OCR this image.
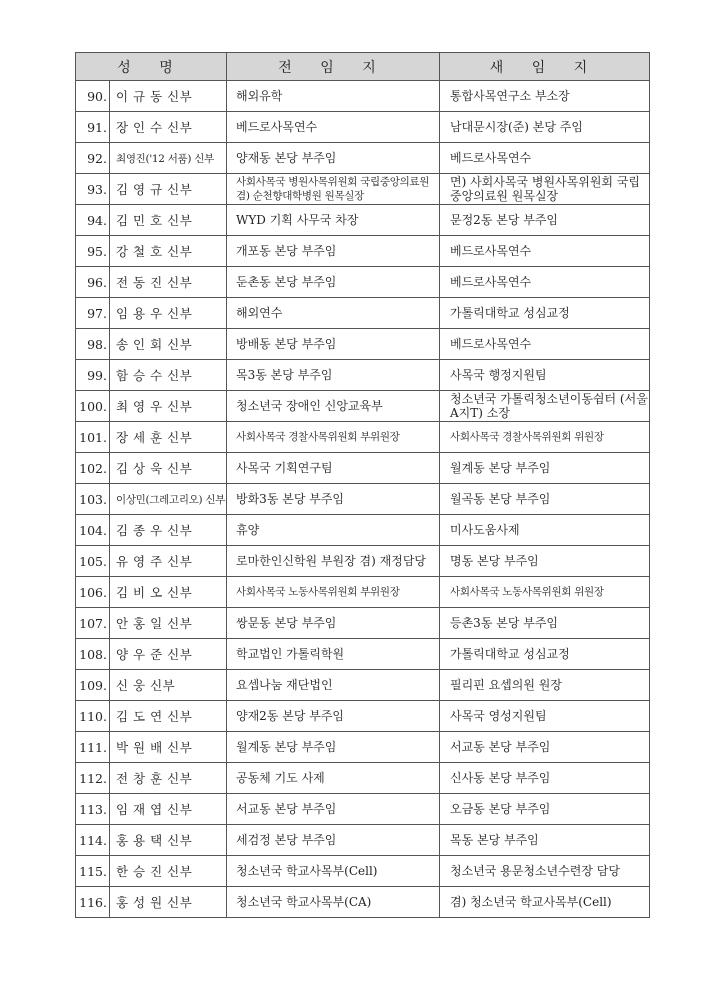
성 명		전 임 지	새 임 지
90.	이 규 동 신부	해외유학	통합사목연구소 부소장
91.	장 인 수 신부	베드로사목연수	남대문시장(준) 본당 주임
92.	최영진('12 서품) 신부	양재동 본당 부주임	베드로사목연수
93.	김 영 규 신부	사회사목국 병원사목위원회 국립중앙의료원 겸) 순천향대학병원 원목실장	면) 사회사목국 병원사목위원회 국립중앙의료원 원목실장
94.	김 민 호 신부	WYD 기획 사무국 차장	문정2동 본당 부주임
95.	강 철 호 신부	개포동 본당 부주임	베드로사목연수
96.	전 동 진 신부	둔촌동 본당 부주임	베드로사목연수
97.	임 용 우 신부	해외연수	가톨릭대학교 성심교정
98.	송 인 회 신부	방배동 본당 부주임	베드로사목연수
99.	함 승 수 신부	목3동 본당 부주임	사목국 행정지원팀
100.	최 영 우 신부	청소년국 장애인 신앙교육부	청소년국 가톨릭청소년이동쉼터 (서울A지T) 소장
101.	장 세 훈 신부	사회사목국 경찰사목위원회 부위원장	사회사목국 경찰사목위원회 위원장
102.	김 상 욱 신부	사목국 기획연구팀	월계동 본당 부주임
103.	이상민(그레고리오) 신부	방화3동 본당 부주임	월곡동 본당 부주임
104.	김 종 우 신부	휴양	미사도움사제
105.	유 영 주 신부	로마한인신학원 부원장 겸) 재정담당	명동 본당 부주임
106.	김 비 오 신부	사회사목국 노동사목위원회 부위원장	사회사목국 노동사목위원회 위원장
107.	안 홍 일 신부	쌍문동 본당 부주임	등촌3동 본당 부주임
108.	양 우 준 신부	학교법인 가톨릭학원	가톨릭대학교 성심교정
109.	신 웅 신부	요셉나눔 재단법인	필리핀 요셉의원 원장
110.	김 도 연 신부	양재2동 본당 부주임	사목국 영성지원팀
111.	박 원 배 신부	월계동 본당 부주임	서교동 본당 부주임
112.	전 창 훈 신부	공동체 기도 사제	신사동 본당 부주임
113.	임 재 엽 신부	서교동 본당 부주임	오금동 본당 부주임
114.	홍 용 택 신부	세검정 본당 부주임	목동 본당 부주임
115.	한 승 진 신부	청소년국 학교사목부(Cell)	청소년국 용문청소년수련장 담당
116.	홍 성 원 신부	청소년국 학교사목부(CA)	겸) 청소년국 학교사목부(Cell)
